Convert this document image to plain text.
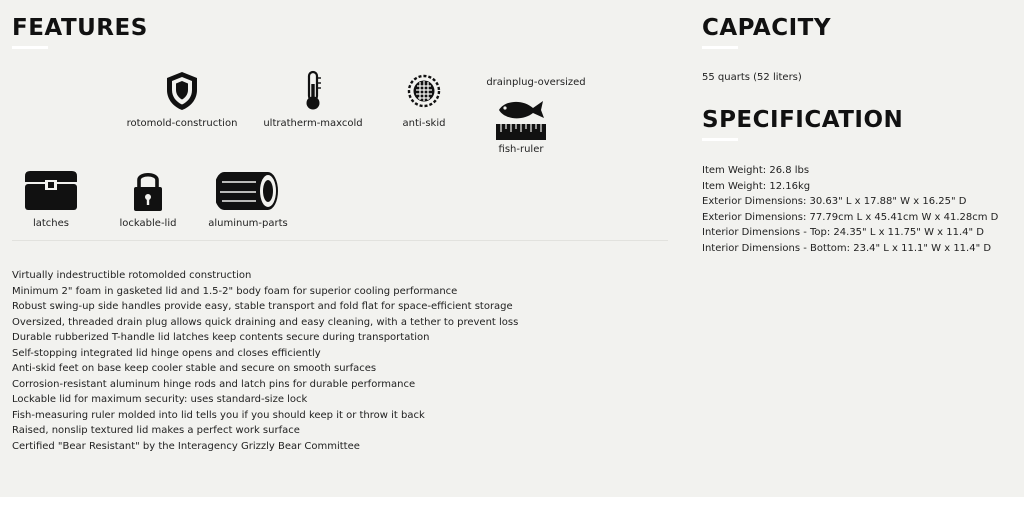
FEATURES
rotomold-construction	ultratherm-maxcold	anti-skid
drainplug-oversized
fish-ruler
latches	lockable-lid	aluminum-parts
Virtually indestructible rotomolded construction
Minimum 2" foam in gasketed lid and 1.5-2" body foam for superior cooling performance
Robust swing-up side handles provide easy, stable transport and fold flat for space-efficient storage
Oversized, threaded drain plug allows quick draining and easy cleaning, with a tether to prevent loss
Durable rubberized T-handle lid latches keep contents secure during transportation
Self-stopping integrated lid hinge opens and closes efficiently
Anti-skid feet on base keep cooler stable and secure on smooth surfaces
Corrosion-resistant aluminum hinge rods and latch pins for durable performance
Lockable lid for maximum security: uses standard-size lock
Fish-measuring ruler molded into lid tells you if you should keep it or throw it back
Raised, nonslip textured lid makes a perfect work surface
Certified "Bear Resistant" by the Interagency Grizzly Bear Committee
CAPACITY
55 quarts (52 liters)
SPECIFICATION
Item Weight: 26.8 lbs
Item Weight: 12.16kg
Exterior Dimensions: 30.63" L x 17.88" W x 16.25" D
Exterior Dimensions: 77.79cm L x 45.41cm W x 41.28cm D
Interior Dimensions - Top: 24.35" L x 11.75" W x 11.4" D
Interior Dimensions - Bottom: 23.4" L x 11.1" W x 11.4" D
